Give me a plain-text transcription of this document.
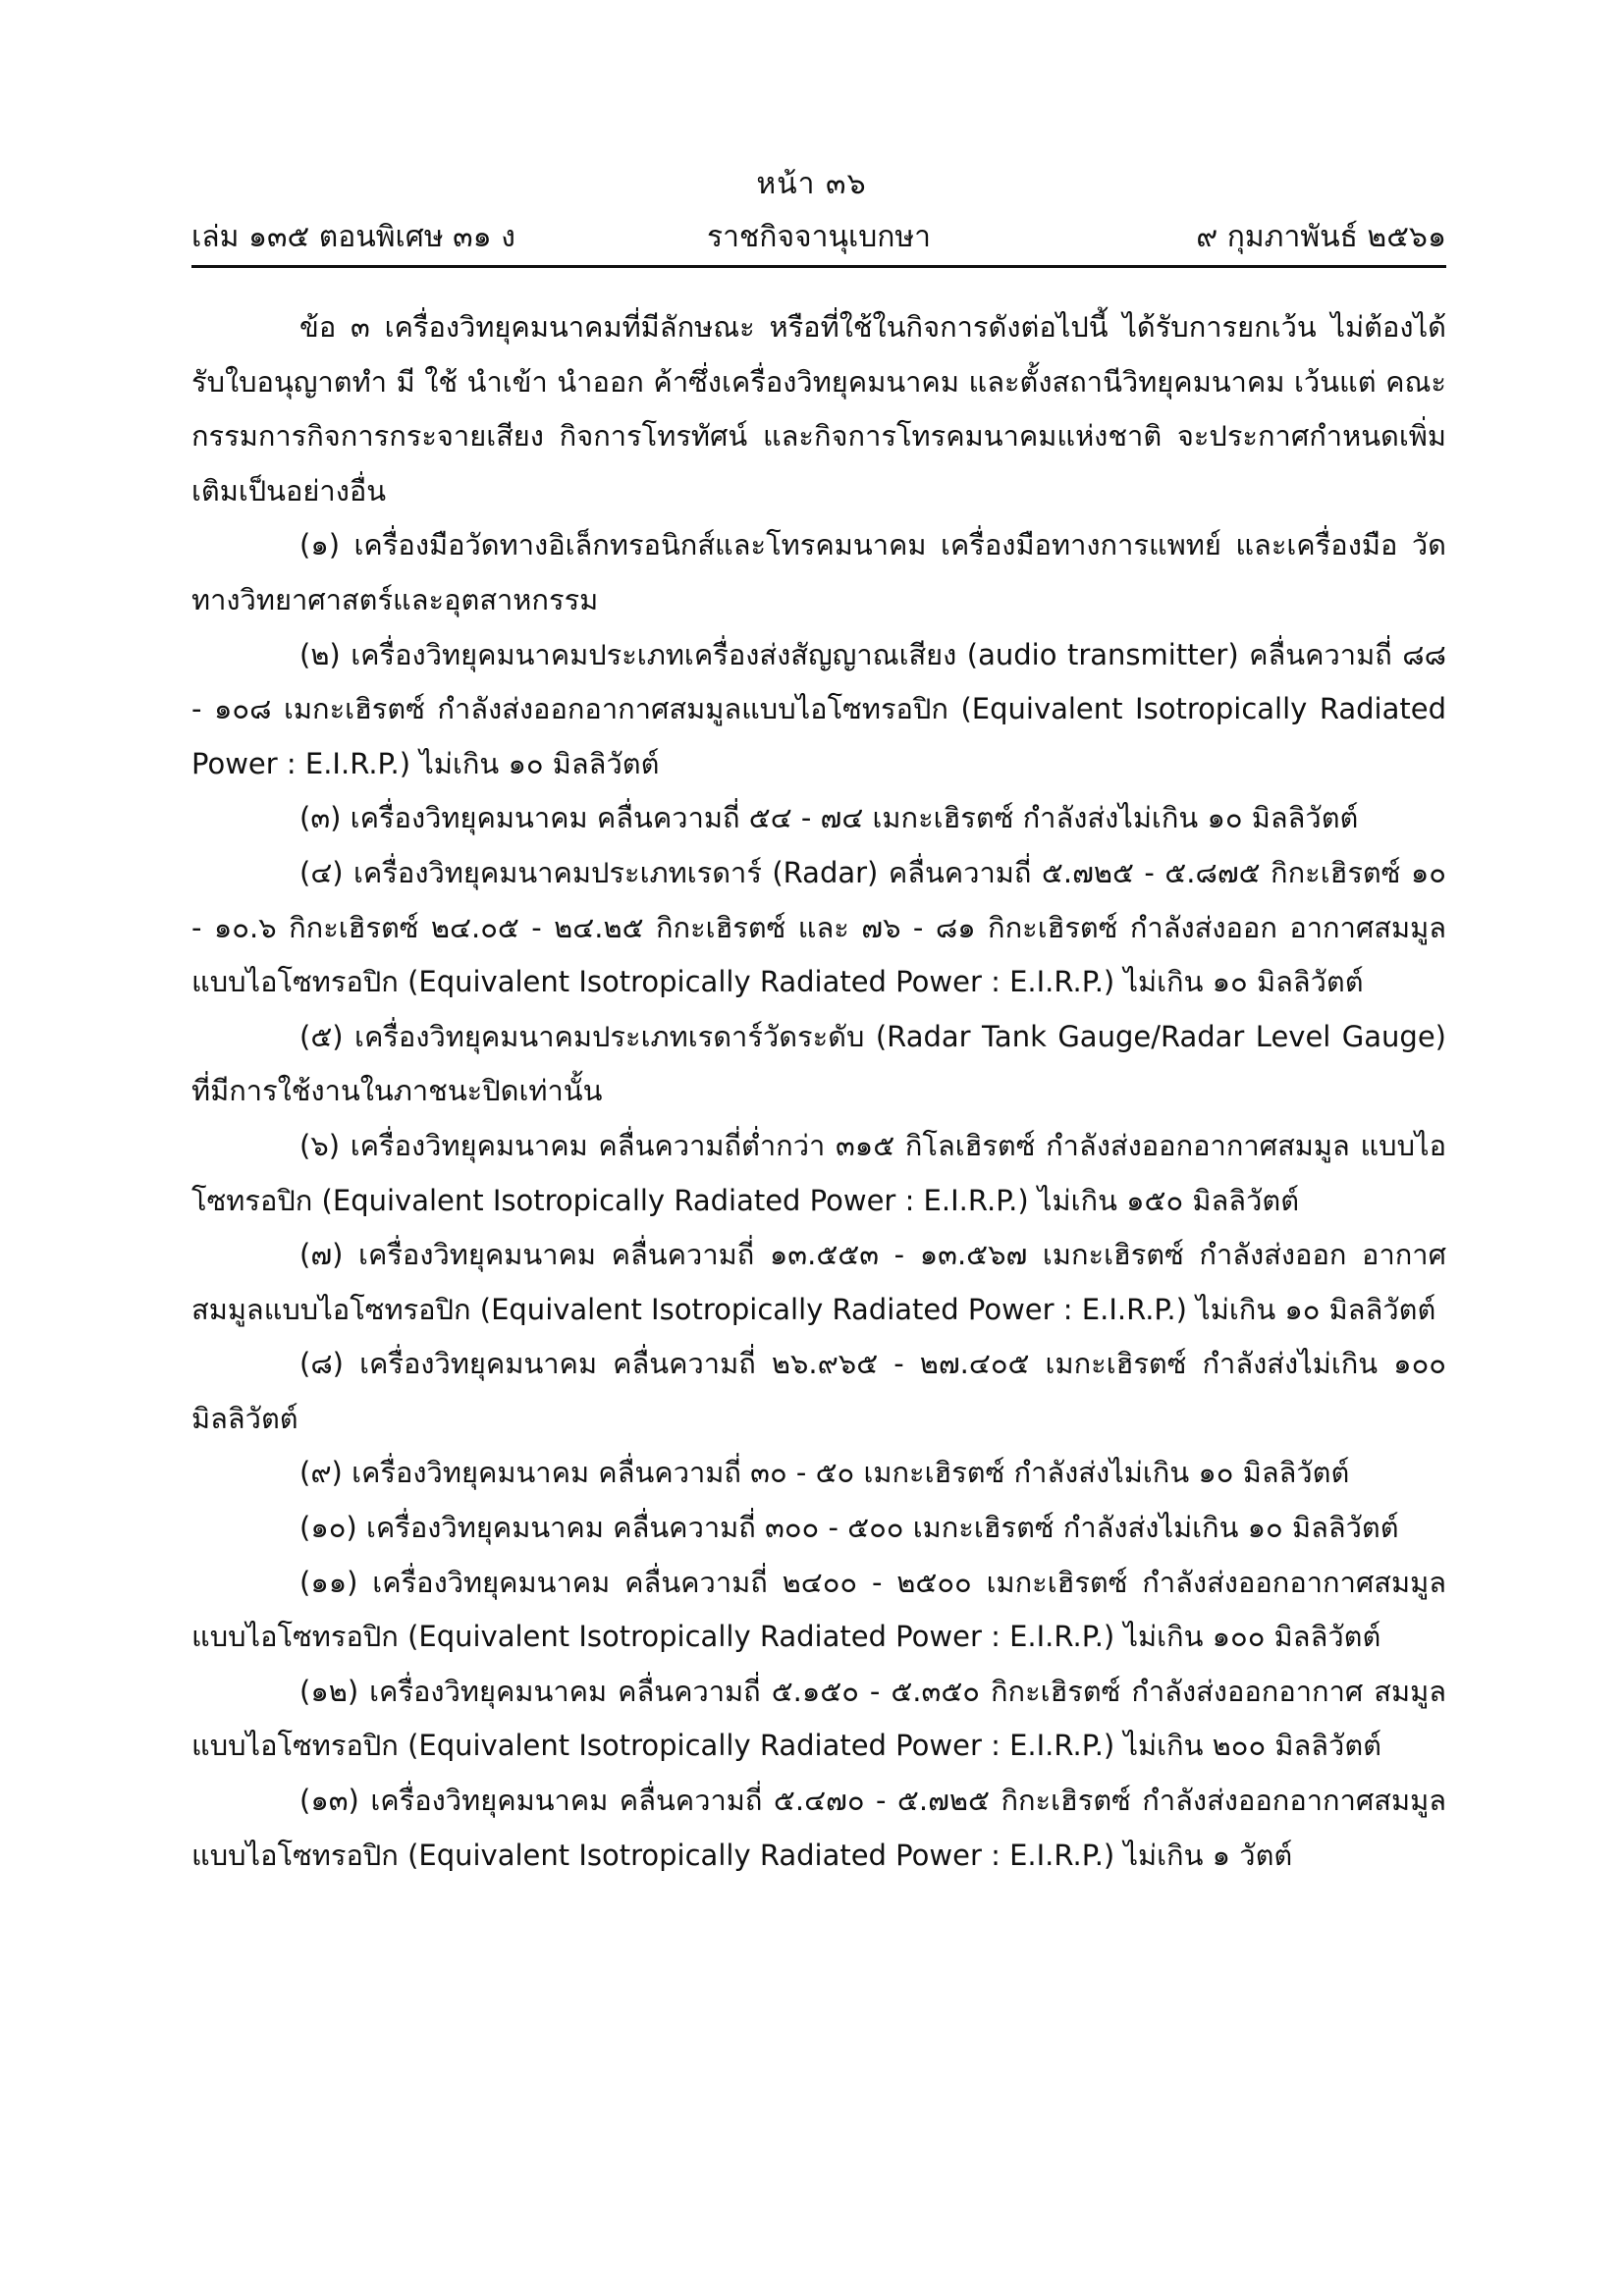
หน้า ๓๖
เล่ม ๑๓๕ ตอนพิเศษ ๓๑ ง	ราชกิจจานุเบกษา	๙ กุมภาพันธ์ ๒๕๖๑

ข้อ ๓ เครื่องวิทยุคมนาคมที่มีลักษณะ หรือที่ใช้ในกิจการดังต่อไปนี้ ได้รับการยกเว้น ไม่ต้องได้รับใบอนุญาตทำ มี ใช้ นำเข้า นำออก ค้าซึ่งเครื่องวิทยุคมนาคม และตั้งสถานีวิทยุคมนาคม เว้นแต่ คณะกรรมการกิจการกระจายเสียง กิจการโทรทัศน์ และกิจการโทรคมนาคมแห่งชาติ จะประกาศกำหนดเพิ่มเติมเป็นอย่างอื่น

(๑) เครื่องมือวัดทางอิเล็กทรอนิกส์และโทรคมนาคม เครื่องมือทางการแพทย์ และเครื่องมือ วัดทางวิทยาศาสตร์และอุตสาหกรรม

(๒) เครื่องวิทยุคมนาคมประเภทเครื่องส่งสัญญาณเสียง (audio transmitter) คลื่นความถี่ ๘๘ - ๑๐๘ เมกะเฮิรตซ์ กำลังส่งออกอากาศสมมูลแบบไอโซทรอปิก (Equivalent Isotropically Radiated Power : E.I.R.P.) ไม่เกิน ๑๐ มิลลิวัตต์

(๓) เครื่องวิทยุคมนาคม คลื่นความถี่ ๕๔ - ๗๔ เมกะเฮิรตซ์ กำลังส่งไม่เกิน ๑๐ มิลลิวัตต์

(๔) เครื่องวิทยุคมนาคมประเภทเรดาร์ (Radar) คลื่นความถี่ ๕.๗๒๕ - ๕.๘๗๕ กิกะเฮิรตซ์ ๑๐ - ๑๐.๖ กิกะเฮิรตซ์ ๒๔.๐๕ - ๒๔.๒๕ กิกะเฮิรตซ์ และ ๗๖ - ๘๑ กิกะเฮิรตซ์ กำลังส่งออก อากาศสมมูลแบบไอโซทรอปิก (Equivalent Isotropically Radiated Power : E.I.R.P.) ไม่เกิน ๑๐ มิลลิวัตต์

(๕) เครื่องวิทยุคมนาคมประเภทเรดาร์วัดระดับ (Radar Tank Gauge/Radar Level Gauge) ที่มีการใช้งานในภาชนะปิดเท่านั้น

(๖) เครื่องวิทยุคมนาคม คลื่นความถี่ต่ำกว่า ๓๑๕ กิโลเฮิรตซ์ กำลังส่งออกอากาศสมมูล แบบไอโซทรอปิก (Equivalent Isotropically Radiated Power : E.I.R.P.) ไม่เกิน ๑๕๐ มิลลิวัตต์

(๗) เครื่องวิทยุคมนาคม คลื่นความถี่ ๑๓.๕๕๓ - ๑๓.๕๖๗ เมกะเฮิรตซ์ กำลังส่งออก อากาศสมมูลแบบไอโซทรอปิก (Equivalent Isotropically Radiated Power : E.I.R.P.) ไม่เกิน ๑๐ มิลลิวัตต์

(๘) เครื่องวิทยุคมนาคม คลื่นความถี่ ๒๖.๙๖๕ - ๒๗.๔๐๕ เมกะเฮิรตซ์ กำลังส่งไม่เกิน ๑๐๐ มิลลิวัตต์

(๙) เครื่องวิทยุคมนาคม คลื่นความถี่ ๓๐ - ๕๐ เมกะเฮิรตซ์ กำลังส่งไม่เกิน ๑๐ มิลลิวัตต์

(๑๐) เครื่องวิทยุคมนาคม คลื่นความถี่ ๓๐๐ - ๕๐๐ เมกะเฮิรตซ์ กำลังส่งไม่เกิน ๑๐ มิลลิวัตต์

(๑๑) เครื่องวิทยุคมนาคม คลื่นความถี่ ๒๔๐๐ - ๒๕๐๐ เมกะเฮิรตซ์ กำลังส่งออกอากาศสมมูล แบบไอโซทรอปิก (Equivalent Isotropically Radiated Power : E.I.R.P.) ไม่เกิน ๑๐๐ มิลลิวัตต์

(๑๒) เครื่องวิทยุคมนาคม คลื่นความถี่ ๕.๑๕๐ - ๕.๓๕๐ กิกะเฮิรตซ์ กำลังส่งออกอากาศ สมมูลแบบไอโซทรอปิก (Equivalent Isotropically Radiated Power : E.I.R.P.) ไม่เกิน ๒๐๐ มิลลิวัตต์

(๑๓) เครื่องวิทยุคมนาคม คลื่นความถี่ ๕.๔๗๐ - ๕.๗๒๕ กิกะเฮิรตซ์ กำลังส่งออกอากาศสมมูล แบบไอโซทรอปิก (Equivalent Isotropically Radiated Power : E.I.R.P.) ไม่เกิน ๑ วัตต์
